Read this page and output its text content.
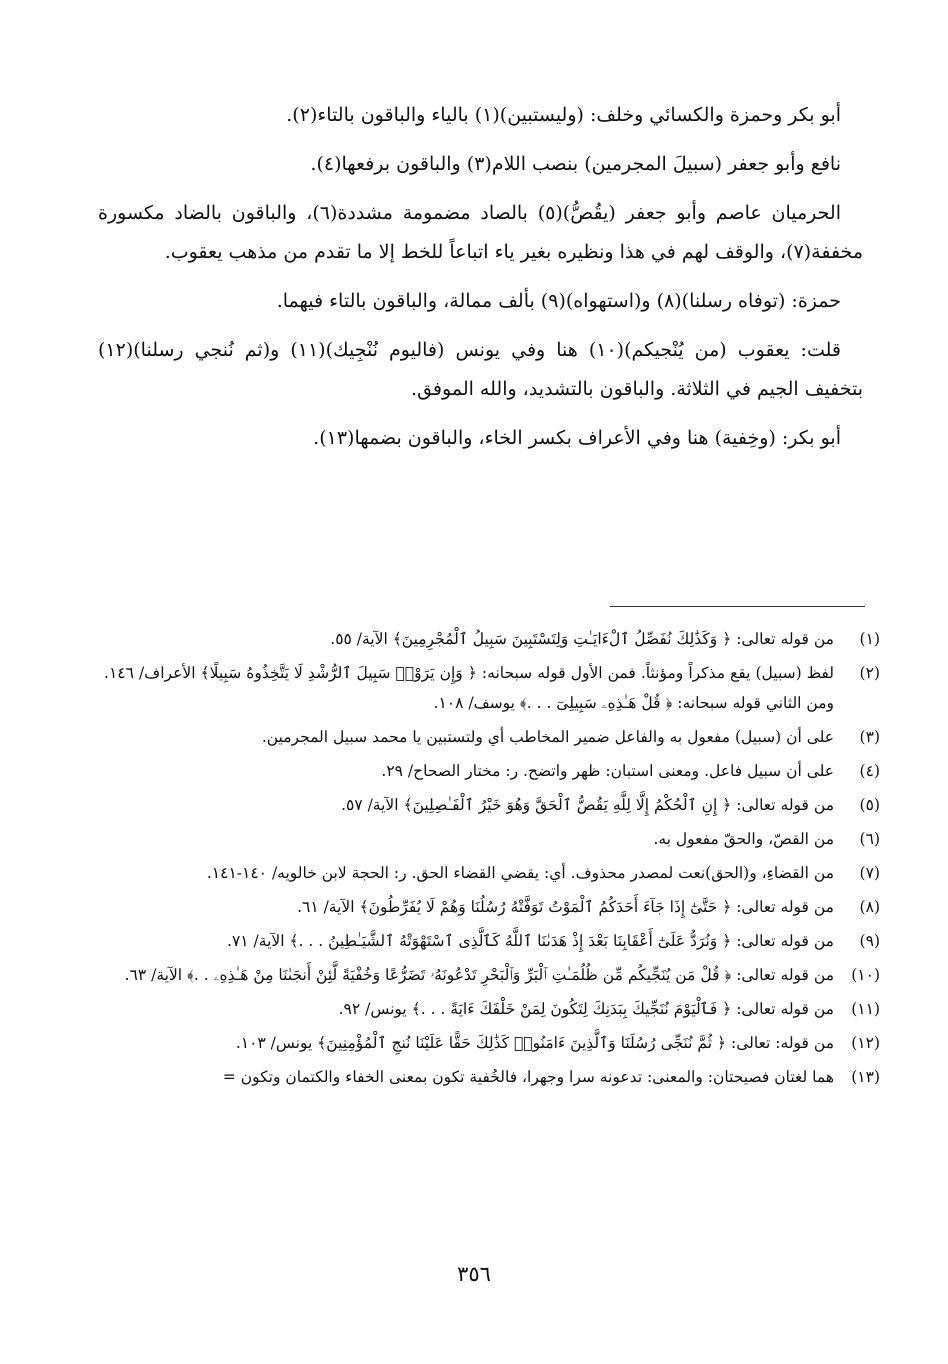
أبو بكر وحمزة والكسائي وخلف: (وليستبين)(١) بالياء والباقون بالتاء(٢).

نافع وأبو جعفر (سبيلَ المجرمين) بنصب اللام(٣) والباقون برفعها(٤).

الحرميان عاصم وأبو جعفر (يقُصُّ)(٥) بالصاد مضمومة مشددة(٦)، والباقون بالضاد مكسورة مخففة(٧)، والوقف لهم في هذا ونظيره بغير ياء اتباعاً للخط إلا ما تقدم من مذهب يعقوب.

حمزة: (توفاه رسلنا)(٨) و(استهواه)(٩) بألف ممالة، والباقون بالتاء فيهما.

قلت: يعقوب (من يُنْجيكم)(١٠) هنا وفي يونس (فاليوم نُنْجِيك)(١١) و(ثم نُنجي رسلنا)(١٢) بتخفيف الجيم في الثلاثة. والباقون بالتشديد، والله الموفق.

أبو بكر: (وخِفية) هنا وفي الأعراف بكسر الخاء، والباقون بضمها(١٣).

(١)
من قوله تعالى: ﴿ وَكَذَٰلِكَ نُفَصِّلُ ٱلْءَايَـٰتِ وَلِتَسْتَبِينَ سَبِيلُ ٱلْمُجْرِمِينَ﴾ الآية/ ٥٥.
(٢)
لفظ (سبيل) يقع مذكراً ومؤنثاً. فمن الأول قوله سبحانه: ﴿ وَإِن يَرَوْا۟ سَبِيلَ ٱلرُّشْدِ لَا يَتَّخِذُوهُ سَبِيلًا﴾ الأعراف/ ١٤٦. ومن الثاني قوله سبحانه: ﴿ قُلْ هَـٰذِهِۦ سَبِيلِىٓ . . .﴾ يوسف/ ١٠٨.
(٣)
على أن (سبيل) مفعول به والفاعل ضمير المخاطب أي ولتستبين يا محمد سبيل المجرمين.
(٤)
على أن سبيل فاعل. ومعنى استبان: ظهر واتضح. ر: مختار الصحاح/ ٢٩.
(٥)
من قوله تعالى: ﴿ إِنِ ٱلْحُكْمُ إِلَّا لِلَّهِ يَقُصُّ ٱلْحَقَّ وَهُوَ خَيْرُ ٱلْفَـٰصِلِينَ﴾ الآية/ ٥٧.
(٦)
من القصّ، والحقّ مفعول به.
(٧)
من القضاءِ، و(الحق)نعت لمصدر محذوف. أي: يقضي القضاء الحق. ر: الحجة لابن خالويه/ ١٤٠-١٤١.
(٨)
من قوله تعالى: ﴿ حَتَّىٰٓ إِذَا جَآءَ أَحَدَكُمُ ٱلْمَوْتُ تَوَفَّتْهُ رُسُلُنَا وَهُمْ لَا يُفَرِّطُونَ﴾ الآية/ ٦١.
(٩)
من قوله تعالى: ﴿ وَنُرَدُّ عَلَىٰٓ أَعْقَابِنَا بَعْدَ إِذْ هَدَىٰنَا ٱللَّهُ كَٱلَّذِى ٱسْتَهْوَتْهُ ٱلشَّيَـٰطِينُ . . .﴾ الآية/ ٧١.
(١٠)
من قوله تعالى: ﴿ قُلْ مَن يُنَجِّيكُم مِّن ظُلُمَـٰتِ ٱلْبَرِّ وَٱلْبَحْرِ تَدْعُونَهُۥ تَضَرُّعًا وَخُفْيَةً لَّئِنْ أَنجَىٰنَا مِنْ هَـٰذِهِۦ . .﴾ الآية/ ٦٣.
(١١)
من قوله تعالى: ﴿ فَٱلْيَوْمَ نُنَجِّيكَ بِبَدَنِكَ لِتَكُونَ لِمَنْ خَلْفَكَ ءَايَةً . . .﴾ يونس/ ٩٢.
(١٢)
من قوله: تعالى: ﴿ ثُمَّ نُنَجِّى رُسُلَنَا وَٱلَّذِينَ ءَامَنُوا۟ كَذَٰلِكَ حَقًّا عَلَيْنَا نُنجِ ٱلْمُؤْمِنِينَ﴾ يونس/ ١٠٣.
(١٣)
هما لغتان فصيحتان: والمعنى: تدعونه سرا وجهرا، فالخُفية تكون بمعنى الخفاء والكتمان وتكون =
٣٥٦
